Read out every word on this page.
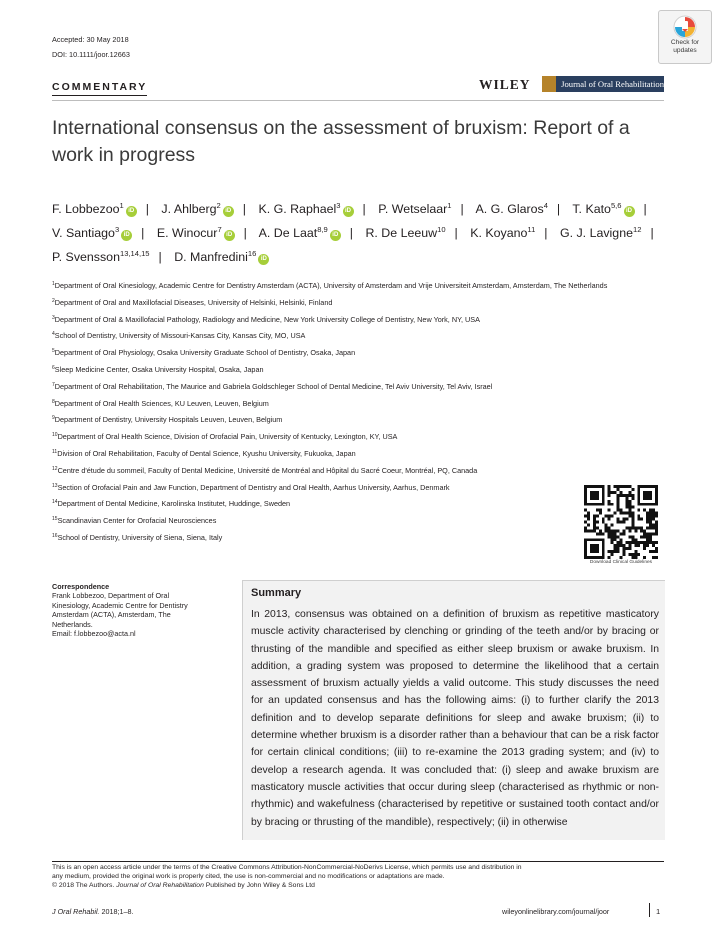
Accepted: 30 May 2018
DOI: 10.1111/joor.12663
Check for
updates
COMMENTARY	WILEY	Journal of Oral Rehabilitation
International consensus on the assessment of bruxism: Report of a work in progress
F. Lobbezoo$^1$iD | J. Ahlberg$^2$iD | K. G. Raphael$^3$iD | P. Wetselaar$^1$ | A. G. Glaros$^4$ | T. Kato$^{5,6}$iD | V. Santiago$^3$iD | E. Winocur$^7$iD | A. De Laat$^{8,9}$iD | R. De Leeuw$^{10}$ | K. Koyano$^{11}$ | G. J. Lavigne$^{12}$ | P. Svensson$^{13,14,15}$ | D. Manfredini$^{16}$iD
$^1$Department of Oral Kinesiology, Academic Centre for Dentistry Amsterdam (ACTA), University of Amsterdam and Vrije Universiteit Amsterdam, Amsterdam, The Netherlands
$^2$Department of Oral and Maxillofacial Diseases, University of Helsinki, Helsinki, Finland
$^3$Department of Oral & Maxillofacial Pathology, Radiology and Medicine, New York University College of Dentistry, New York, NY, USA
$^4$School of Dentistry, University of Missouri-Kansas City, Kansas City, MO, USA
$^5$Department of Oral Physiology, Osaka University Graduate School of Dentistry, Osaka, Japan
$^6$Sleep Medicine Center, Osaka University Hospital, Osaka, Japan
$^7$Department of Oral Rehabilitation, The Maurice and Gabriela Goldschleger School of Dental Medicine, Tel Aviv University, Tel Aviv, Israel
$^8$Department of Oral Health Sciences, KU Leuven, Leuven, Belgium
$^9$Department of Dentistry, University Hospitals Leuven, Leuven, Belgium
$^{10}$Department of Oral Health Science, Division of Orofacial Pain, University of Kentucky, Lexington, KY, USA
$^{11}$Division of Oral Rehabilitation, Faculty of Dental Science, Kyushu University, Fukuoka, Japan
$^{12}$Centre d'étude du sommeil, Faculty of Dental Medicine, Université de Montréal and Hôpital du Sacré Coeur, Montréal, PQ, Canada
$^{13}$Section of Orofacial Pain and Jaw Function, Department of Dentistry and Oral Health, Aarhus University, Aarhus, Denmark
$^{14}$Department of Dental Medicine, Karolinska Institutet, Huddinge, Sweden
$^{15}$Scandinavian Center for Orofacial Neurosciences
$^{16}$School of Dentistry, University of Siena, Siena, Italy
Download Clinical Guidelines
Correspondence
Frank Lobbezoo, Department of Oral
Kinesiology, Academic Centre for Dentistry
Amsterdam (ACTA), Amsterdam, The
Netherlands.
Email: f.lobbezoo@acta.nl
Summary
In 2013, consensus was obtained on a definition of bruxism as repetitive masticatory muscle activity characterised by clenching or grinding of the teeth and/or by bracing or thrusting of the mandible and specified as either sleep bruxism or awake bruxism. In addition, a grading system was proposed to determine the likelihood that a certain assessment of bruxism actually yields a valid outcome. This study discusses the need for an updated consensus and has the following aims: (i) to further clarify the 2013 definition and to develop separate definitions for sleep and awake bruxism; (ii) to determine whether bruxism is a disorder rather than a behaviour that can be a risk factor for certain clinical conditions; (iii) to re-examine the 2013 grading system; and (iv) to develop a research agenda. It was concluded that: (i) sleep and awake bruxism are masticatory muscle activities that occur during sleep (characterised as rhythmic or non-rhythmic) and wakefulness (characterised by repetitive or sustained tooth contact and/or by bracing or thrusting of the mandible), respectively; (ii) in otherwise
This is an open access article under the terms of the Creative Commons Attribution-NonCommercial-NoDerivs License, which permits use and distribution in
any medium, provided the original work is properly cited, the use is non-commercial and no modifications or adaptations are made.
© 2018 The Authors. Journal of Oral Rehabilitation Published by John Wiley & Sons Ltd
J Oral Rehabil. 2018;1–8.	wileyonlinelibrary.com/journal/joor	1
